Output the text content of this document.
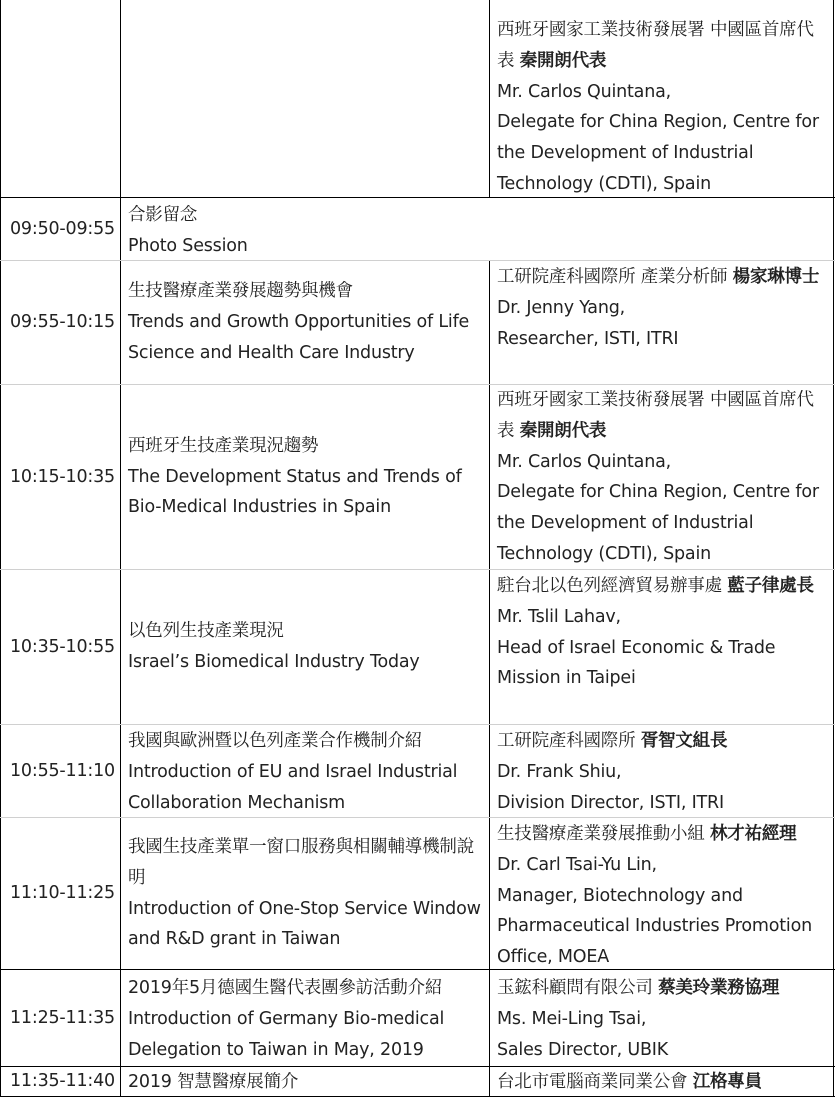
西班牙國家工業技術發展署 中國區首席代表 秦開朗代表
Mr. Carlos Quintana,
Delegate for China Region, Centre for the Development of Industrial Technology (CDTI), Spain
09:50-09:55
合影留念
Photo Session
09:55-10:15
生技醫療產業發展趨勢與機會
Trends and Growth Opportunities of Life Science and Health Care Industry
工研院產科國際所 產業分析師 楊家琳博士
Dr. Jenny Yang,
Researcher, ISTI, ITRI
10:15-10:35
西班牙生技產業現況趨勢
The Development Status and Trends of Bio-Medical Industries in Spain
西班牙國家工業技術發展署 中國區首席代表 秦開朗代表
Mr. Carlos Quintana,
Delegate for China Region, Centre for the Development of Industrial Technology (CDTI), Spain
10:35-10:55
以色列生技產業現況
Israel’s Biomedical Industry Today
駐台北以色列經濟貿易辦事處 藍子律處長
Mr. Tslil Lahav,
Head of Israel Economic & Trade Mission in Taipei
10:55-11:10
我國與歐洲暨以色列產業合作機制介紹
Introduction of EU and Israel Industrial Collaboration Mechanism
工研院產科國際所 胥智文組長
Dr. Frank Shiu,
Division Director, ISTI, ITRI
11:10-11:25
我國生技產業單一窗口服務與相關輔導機制說明
Introduction of One-Stop Service Window and R&D grant in Taiwan
生技醫療產業發展推動小組 林才祐經理
Dr. Carl Tsai-Yu Lin,
Manager, Biotechnology and Pharmaceutical Industries Promotion Office, MOEA
11:25-11:35
2019年5月德國生醫代表團參訪活動介紹
Introduction of Germany Bio-medical Delegation to Taiwan in May, 2019
玉鋐科顧問有限公司 蔡美玲業務協理
Ms. Mei-Ling Tsai,
Sales Director, UBIK
11:35-11:40 2019 智慧醫療展簡介	台北市電腦商業同業公會 江格專員
